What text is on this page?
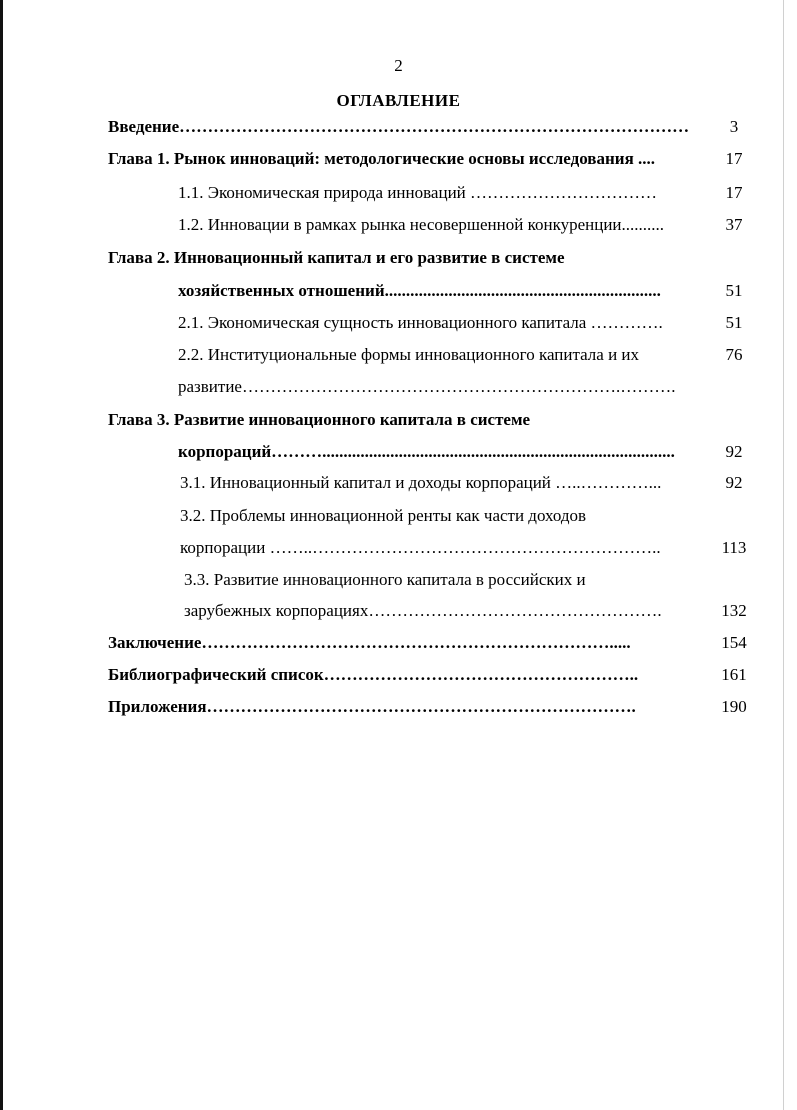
2
ОГЛАВЛЕНИЕ
Введение………………………………………………………………………………	3
Глава 1. Рынок инноваций: методологические основы исследования ....	17
1.1. Экономическая природа инноваций ……………………………	17
1.2. Инновации в рамках рынка несовершенной конкуренции..........	37
Глава 2. Инновационный капитал и его развитие в системе
хозяйственных отношений.................................................................	51
2.1. Экономическая сущность инновационного капитала ………….	51
2.2. Институциональные формы инновационного капитала и их	76
развитие………………………………………………………….……….
Глава 3. Развитие инновационного капитала в системе
корпораций………...................................................................................	92
3.1. Инновационный капитал и доходы корпораций …..…………...	92
3.2. Проблемы инновационной ренты как части доходов
корпорации ……..……………………………………………………..	113
3.3. Развитие инновационного капитала в российских и
зарубежных корпорациях…………………………………………….	132
Заключение……………………………………………………………….....	154
Библиографический список………………………………………………..	161
Приложения………………………………………………………………….	190
